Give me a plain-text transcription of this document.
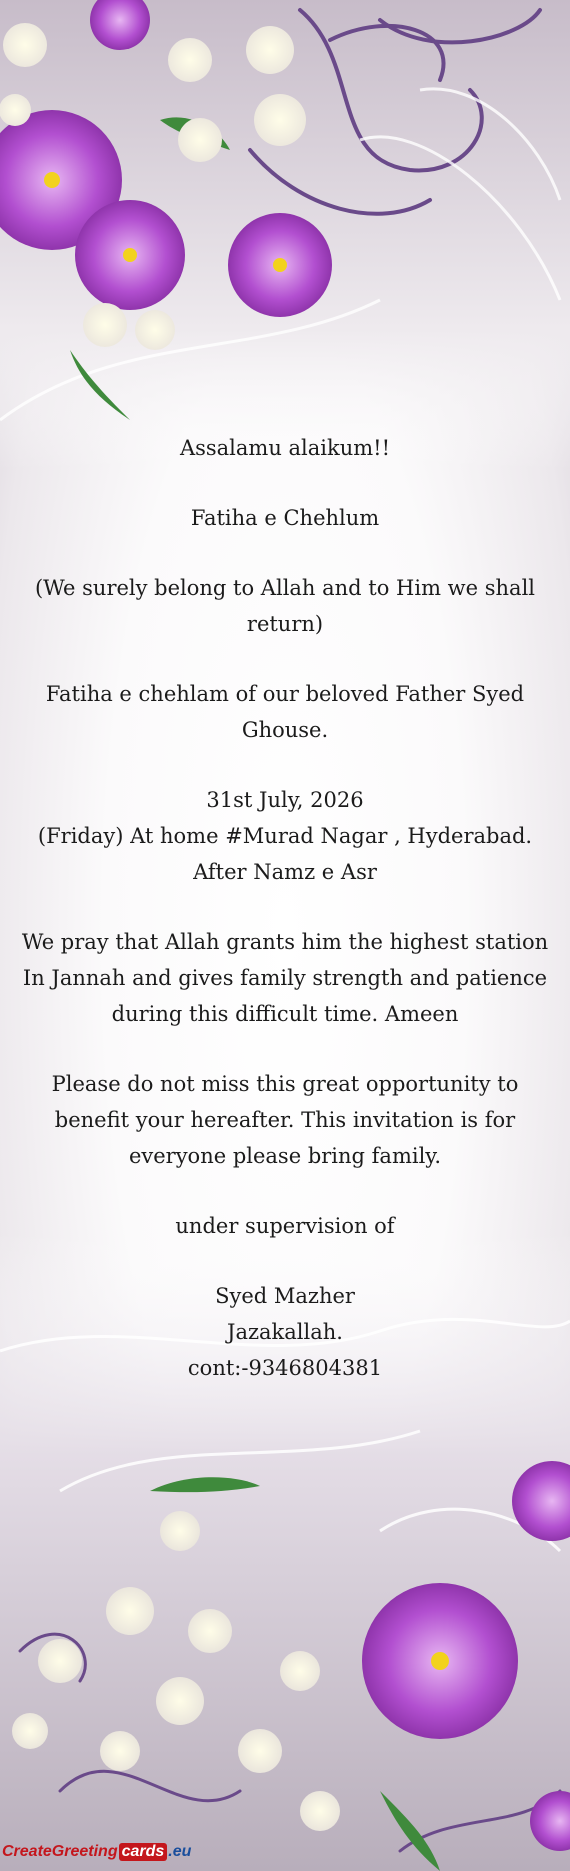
Assalamu alaikum!!

Fatiha e Chehlum

(We surely belong to Allah and to Him we shall return)

Fatiha e chehlam of our beloved Father Syed Ghouse.

31st July, 2026

(Friday) At home #Murad Nagar , Hyderabad.

After Namz e Asr

We pray that Allah grants him the highest station In Jannah and gives family strength and patience during this difficult time. Ameen

Please do not miss this great opportunity to benefit your hereafter. This invitation is for everyone please bring family.

under supervision of

Syed Mazher

Jazakallah.

cont:-9346804381

CreateGreeting cards .eu
